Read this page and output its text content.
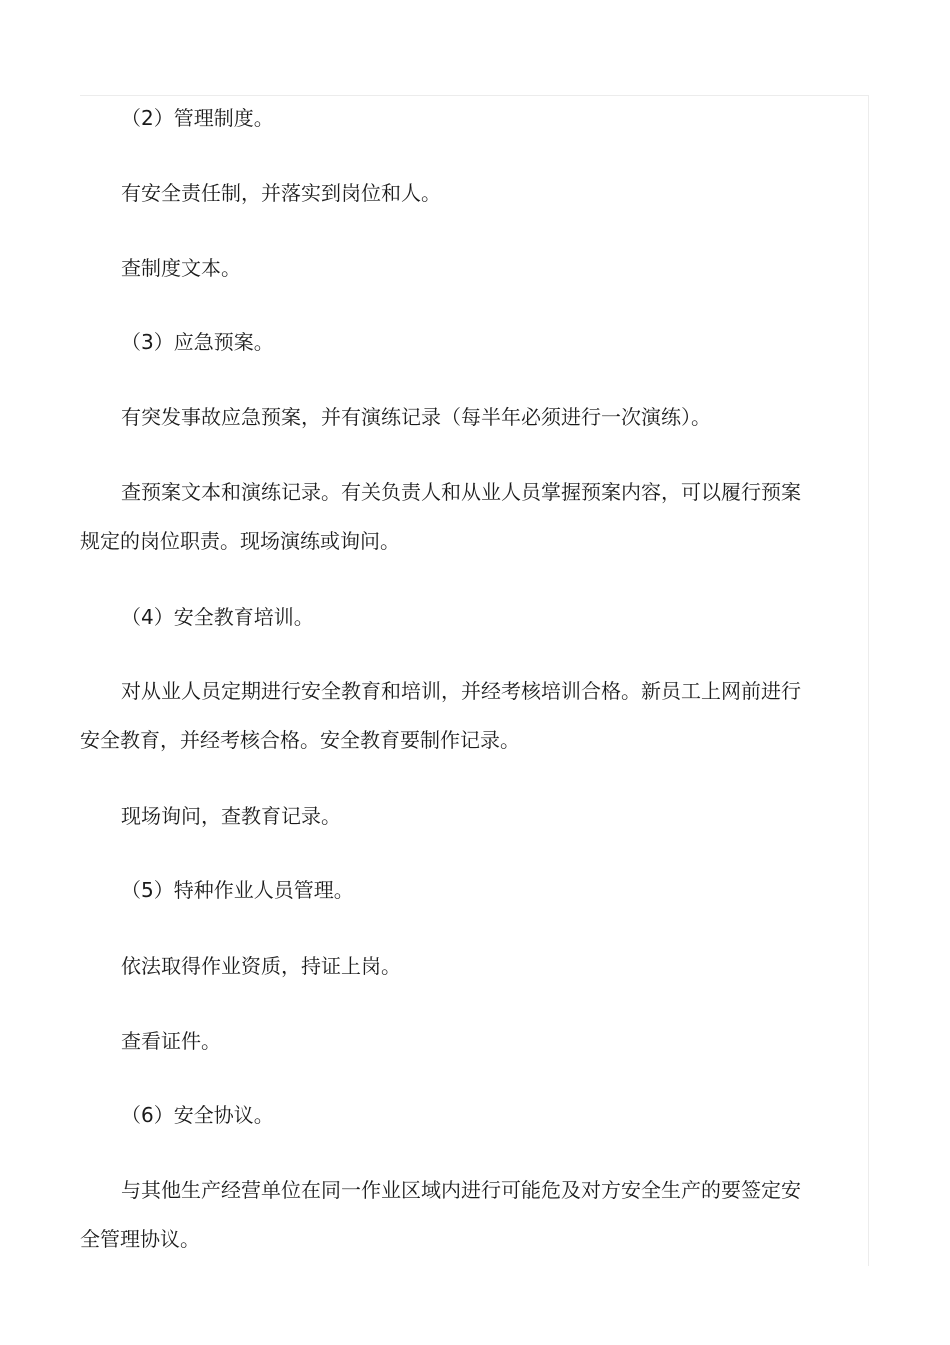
（2）管理制度。
有安全责任制，并落实到岗位和人。
查制度文本。
（3）应急预案。
有突发事故应急预案，并有演练记录（每半年必须进行一次演练）。
查预案文本和演练记录。有关负责人和从业人员掌握预案内容，可以履行预案规定的岗位职责。现场演练或询问。
（4）安全教育培训。
对从业人员定期进行安全教育和培训，并经考核培训合格。新员工上网前进行安全教育，并经考核合格。安全教育要制作记录。
现场询问，查教育记录。
（5）特种作业人员管理。
依法取得作业资质，持证上岗。
查看证件。
（6）安全协议。
与其他生产经营单位在同一作业区域内进行可能危及对方安全生产的要签定安全管理协议。
